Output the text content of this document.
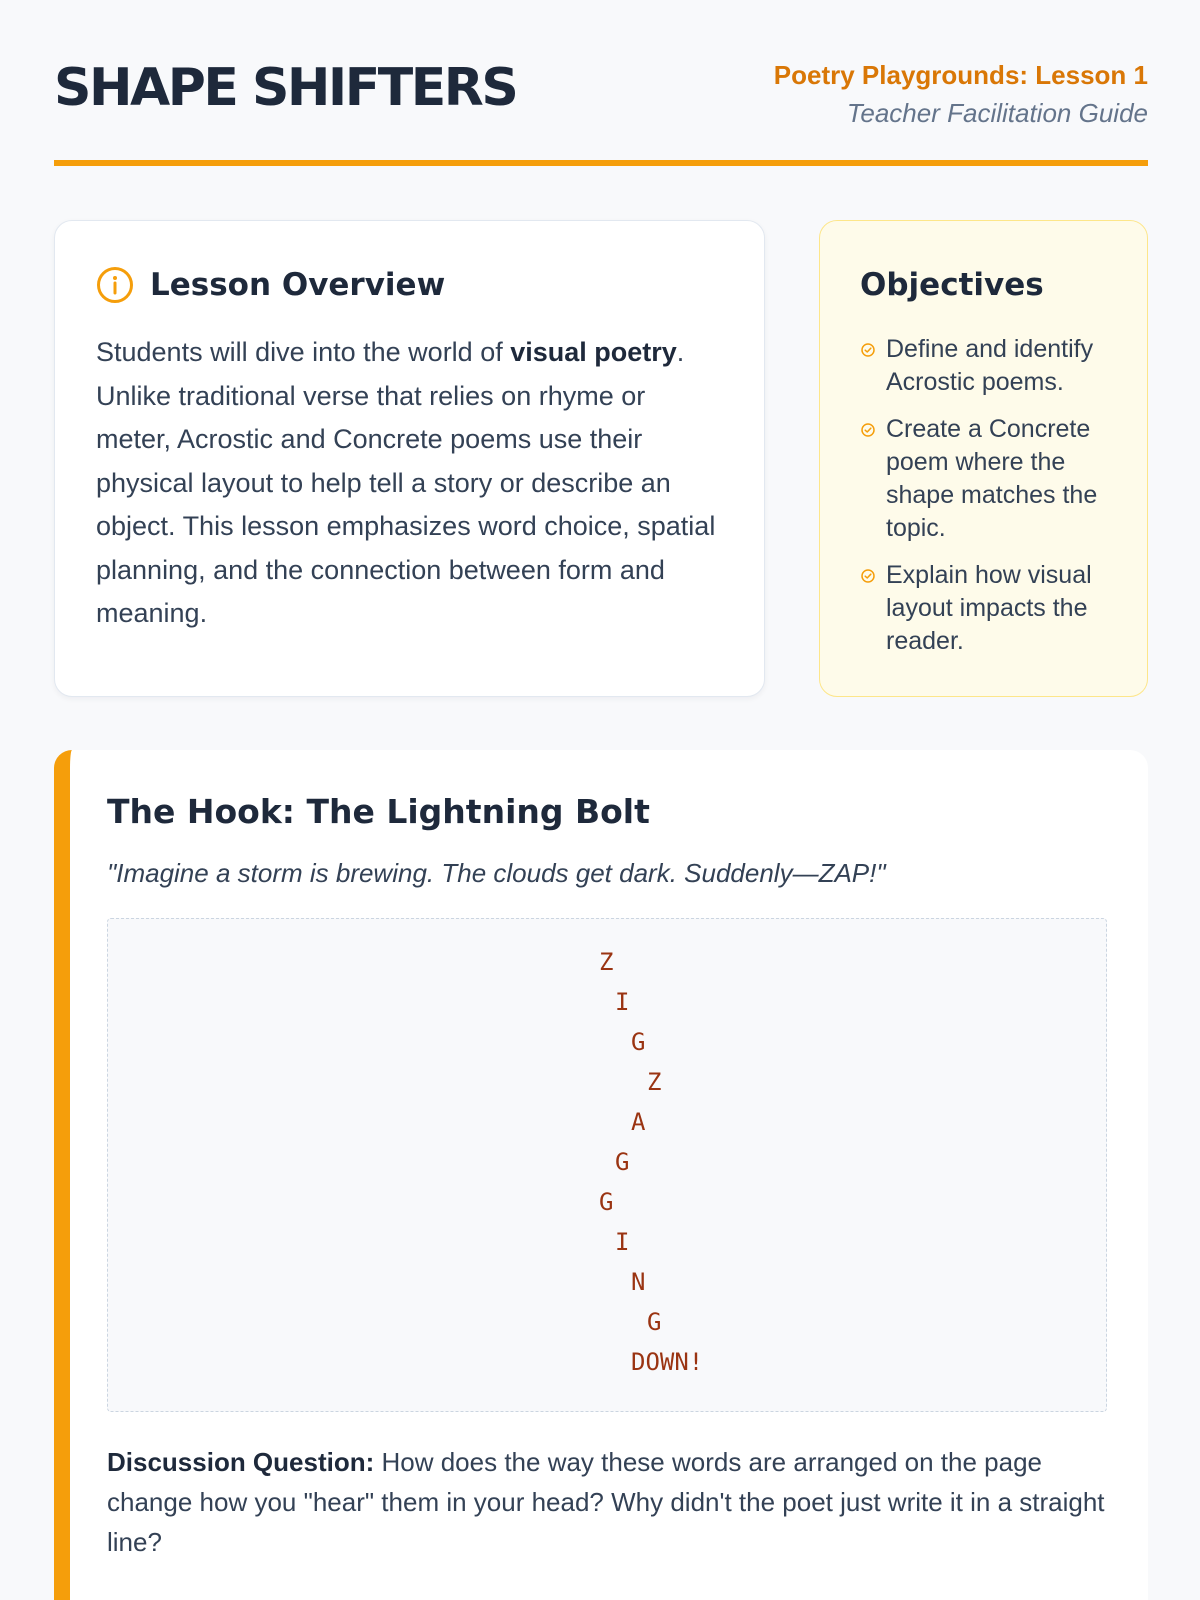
SHAPE SHIFTERS	Poetry Playgrounds: Lesson 1
Teacher Facilitation Guide
Lesson Overview

Students will dive into the world of visual poetry. Unlike traditional verse that relies on rhyme or meter, Acrostic and Concrete poems use their physical layout to help tell a story or describe an object. This lesson emphasizes word choice, spatial planning, and the connection between form and meaning.

Objectives
Define and identify Acrostic poems.
Create a Concrete poem where the shape matches the topic.
Explain how visual layout impacts the reader.
The Hook: The Lightning Bolt

"Imagine a storm is brewing. The clouds get dark. Suddenly—ZAP!"

Z
I
G
Z
A
G
G
I
N
G
DOWN!

Discussion Question: How does the way these words are arranged on the page change how you "hear" them in your head? Why didn't the poet just write it in a straight line?
